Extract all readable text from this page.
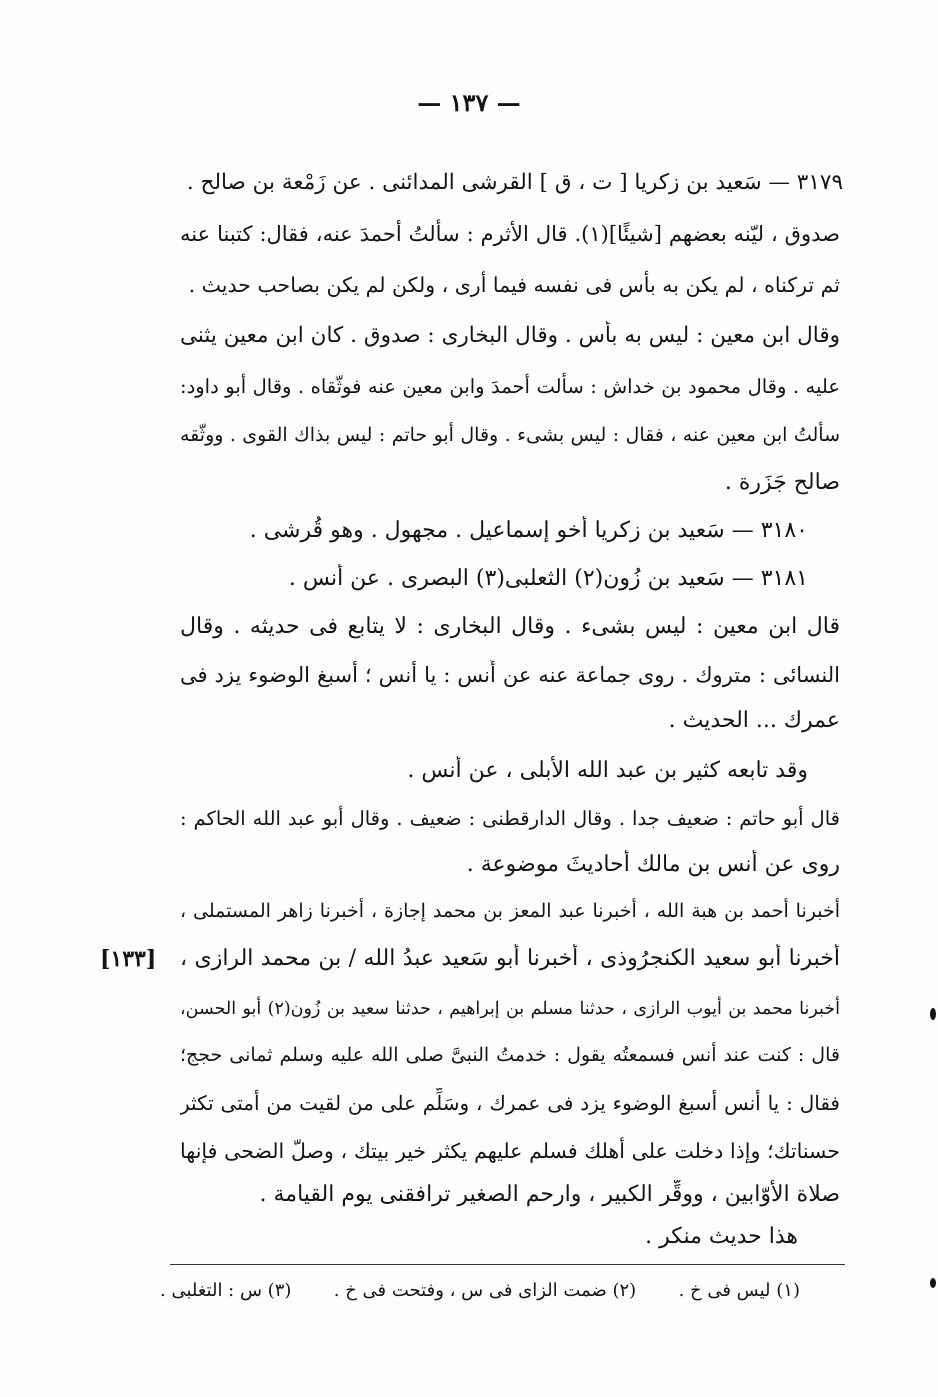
— ١٣٧ —
٣١٧٩ — سَعيد بن زكريا [ ت ، ق ] القرشى المدائنى . عن زَمْعة بن صالح .
صدوق ، ليّنه بعضهم [شيئًا](١). قال الأثرم : سألتُ أحمدَ عنه، فقال: كتبنا عنه
ثم تركناه ، لم يكن به بأس فى نفسه فيما أرى ، ولكن لم يكن بصاحب حديث .
وقال ابن معين : ليس به بأس . وقال البخارى : صدوق . كان ابن معين يثنى
عليه . وقال محمود بن خداش : سألت أحمدَ وابن معين عنه فوثّقاه . وقال أبو داود:
سألتُ ابن معين عنه ، فقال : ليس بشىء . وقال أبو حاتم : ليس بذاك القوى . ووثّقه
صالح جَزَرة .
٣١٨٠ — سَعيد بن زكريا أخو إسماعيل . مجهول . وهو قُرشى .
٣١٨١ — سَعيد بن زُون(٢) الثعلبى(٣) البصرى . عن أنس .
قال ابن معين : ليس بشىء . وقال البخارى : لا يتابع فى حديثه . وقال
النسائى : متروك . روى جماعة عنه عن أَنس : يا أنس ؛ أسبغ الوضوء يزد فى
عمرك ... الحديث .
وقد تابعه كثير بن عبد الله الأُبلى ، عن أنس .
قال أبو حاتم : ضعيف جدا . وقال الدارقطنى : ضعيف . وقال أبو عبد الله الحاكم :
روى عن أنس بن مالك أحاديثَ موضوعة .
أخبرنا أحمد بن هبة الله ، أخبرنا عبد المعز بن محمد إجازة ، أخبرنا زاهر المستملى ،
أخبرنا أبو سعيد الكنجرُوذى ، أخبرنا أبو سَعيد عبدُ الله / بن محمد الرازى ،
[١٣٣]
أخبرنا محمد بن أيوب الرازى ، حدثنا مسلم بن إبراهيم ، حدثنا سعيد بن زُون(٢) أبو الحسن،
قال : كنت عند أنس فسمعتُه يقول : خدمتُ النبىَّ صلى الله عليه وسلم ثمانى حجج؛
فقال : يا أنس أسبغ الوضوء يزد فى عمرك ، وسَلِّم على من لقيت من أمتى تكثر
حسناتك؛ وإذا دخلت على أهلك فسلم عليهم يكثر خير بيتك ، وصلّ الضحى فإنها
صلاة الأوّابين ، ووقِّر الكبير ، وارحم الصغير ترافقنى يوم القيامة .
هذا حديث منكر .
(١) ليس فى خ .
(٢) ضمت الزاى فى س ، وفتحت فى خ .
(٣) س : التغلبى .
